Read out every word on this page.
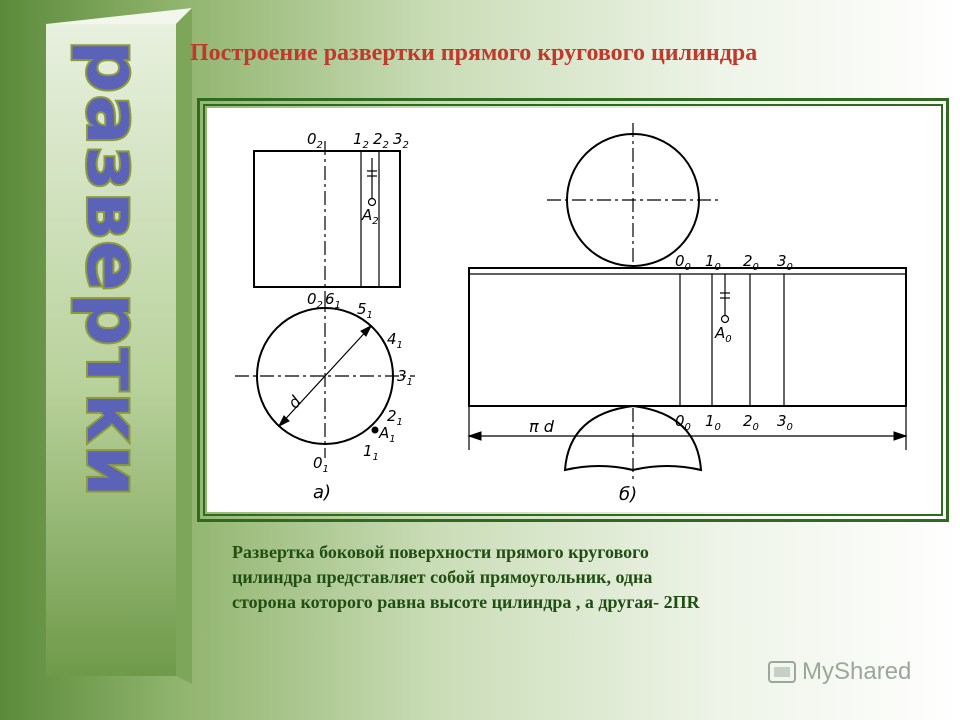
развертки Построение развертки прямого кругового цилиндра
$0_2$ $1_2$ $2_2$ $3_2$
$A_2$
$0_2$ $6_1$ $5_1$
$4_1$
$3_1$
$2_1$
$A_1$
$1_1$
$0_1$
d
а)
$0_0$ $1_0$ $2_0$ $3_0$
$A_0$
$0_0$ $1_0$ $2_0$ $3_0$
π d
б)
Развертка боковой поверхности прямого кругового
цилиндра представляет собой прямоугольник, одна
сторона которого равна высоте цилиндра , а другая- 2ΠR
MyShared
